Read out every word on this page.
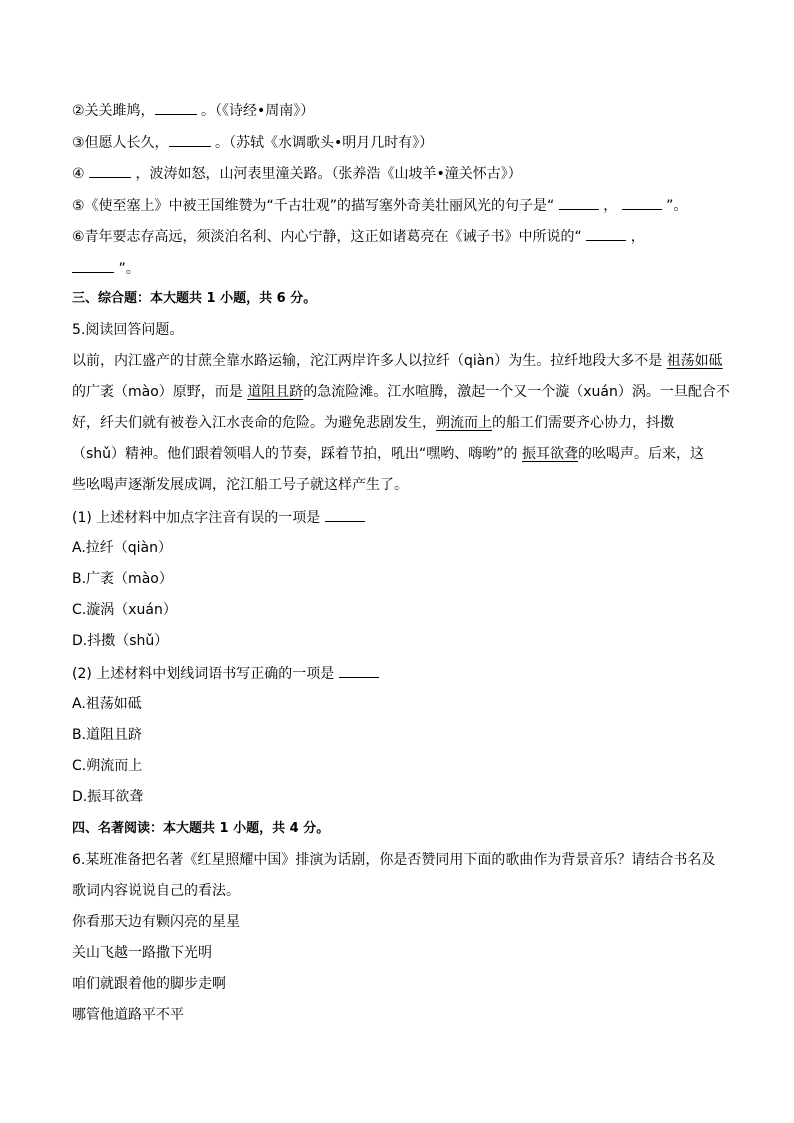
②关关雎鸠，	。（《诗经•周南》）
③但愿人长久，	。（苏轼《水调歌头•明月几时有》）
④	，波涛如怒，山河表里潼关路。（张养浩《山坡羊•潼关怀古》）
⑤《使至塞上》中被王国维赞为“千古壮观”的描写塞外奇美壮丽风光的句子是“	，	”。
⑥青年要志存高远，须淡泊名利、内心宁静，这正如诸葛亮在《诫子书》中所说的“	，
”。
三、综合题：本大题共 1 小题，共 6 分。
5.阅读回答问题。
以前，内江盛产的甘蔗全靠水路运输，沱江两岸许多人以拉纤（qiàn）为生。拉纤地段大多不是 祖荡如砥
的广袤（mào）原野，而是 道阻且跻的急流险滩。江水喧腾，激起一个又一个漩（xuán）涡。一旦配合不
好，纤夫们就有被卷入江水丧命的危险。为避免悲剧发生，朔流而上的船工们需要齐心协力，抖擞
（shǔ）精神。他们跟着领唱人的节奏，踩着节拍，吼出“嘿哟、嗨哟”的 振耳欲聋的吆喝声。后来，这
些吆喝声逐渐发展成调，沱江船工号子就这样产生了。
(1) 上述材料中加点字注音有误的一项是
A.拉纤（qiàn）
B.广袤（mào）
C.漩涡（xuán）
D.抖擞（shǔ）
(2) 上述材料中划线词语书写正确的一项是
A.祖荡如砥
B.道阻且跻
C.朔流而上
D.振耳欲聋
四、名著阅读：本大题共 1 小题，共 4 分。
6.某班准备把名著《红星照耀中国》排演为话剧，你是否赞同用下面的歌曲作为背景音乐？请结合书名及
歌词内容说说自己的看法。
你看那天边有颗闪亮的星星
关山飞越一路撒下光明
咱们就跟着他的脚步走啊
哪管他道路平不平
